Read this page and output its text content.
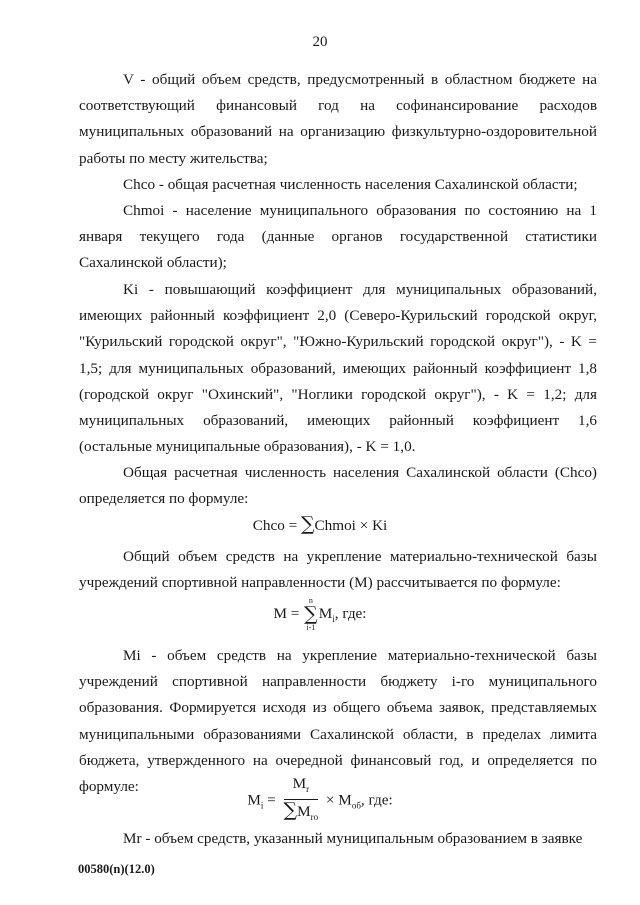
20

V - общий объем средств, предусмотренный в областном бюджете на соответствующий финансовый год на софинансирование расходов муниципальных образований на организацию физкультурно-оздоровительной работы по месту жительства;

Chco - общая расчетная численность населения Сахалинской области;

Chmoi - население муниципального образования по состоянию на 1 января текущего года (данные органов государственной статистики Сахалинской области);

Ki - повышающий коэффициент для муниципальных образований, имеющих районный коэффициент 2,0 (Северо-Курильский городской округ, "Курильский городской округ", "Южно-Курильский городской округ"), - K = 1,5; для муниципальных образований, имеющих районный коэффициент 1,8 (городской округ "Охинский", "Ноглики городской округ"), - K = 1,2; для муниципальных образований, имеющих районный коэффициент 1,6 (остальные муниципальные образования), - K = 1,0.

Общая расчетная численность населения Сахалинской области (Chco) определяется по формуле:

Chco = ∑Chmoi × Ki

Общий объем средств на укрепление материально-технической базы учреждений спортивной направленности (M) рассчитывается по формуле:

M =
n
∑
i-1
$M_i$, где:

Mi - объем средств на укрепление материально-технической базы учреждений спортивной направленности бюджету i-го муниципального образования. Формируется исходя из общего объема заявок, представляемых муниципальными образованиями Сахалинской области, в пределах лимита бюджета, утвержденного на очередной финансовый год, и определяется по формуле:

$M_i = \frac{M_r}{\sum M_{ro}} \times M_{об}$, где:

Mr - объем средств, указанный муниципальным образованием в заявке

00580(n)(12.0)
